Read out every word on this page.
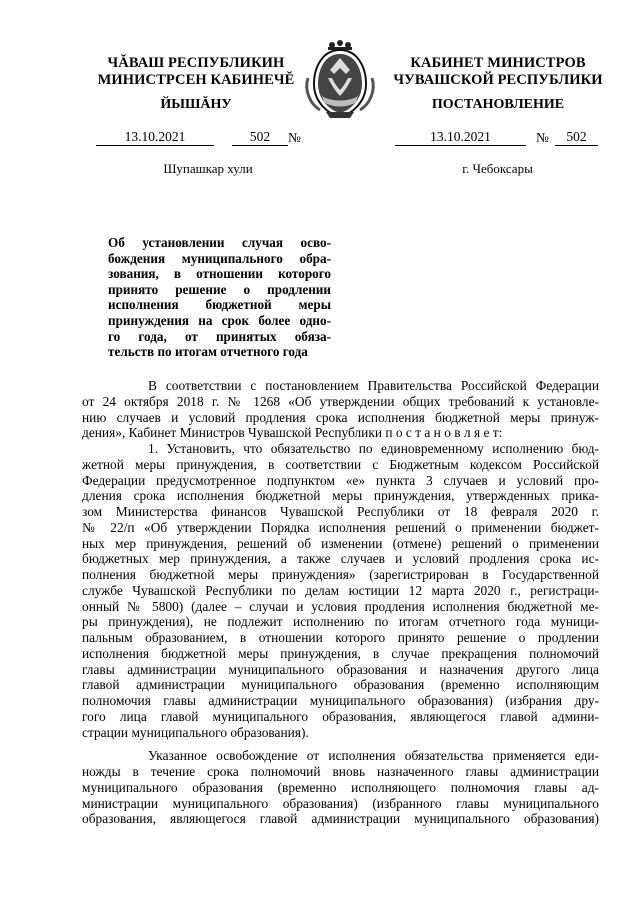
ЧĂВАШ РЕСПУБЛИКИН
МИНИСТРСЕН КАБИНЕЧĔ
КАБИНЕТ МИНИСТРОВ
ЧУВАШСКОЙ РЕСПУБЛИКИ
ЙЫШĂНУ	ПОСТАНОВЛЕНИЕ
13.10.2021	502	№	13.10.2021	№	502
Шупашкар хули	г. Чебоксары
Об установлении случая осво-
бождения муниципального обра-
зования, в отношении которого
принято решение о продлении
исполнения бюджетной меры
принуждения на срок более одно-
го года, от принятых обяза-
тельств по итогам отчетного года
В соответствии с постановлением Правительства Российской Федерации
от 24 октября 2018 г. № 1268 «Об утверждении общих требований к установле-
нию случаев и условий продления срока исполнения бюджетной меры принуж-
дения», Кабинет Министров Чувашской Республики п о с т а н о в л я е т:
1. Установить, что обязательство по единовременному исполнению бюд-
жетной меры принуждения, в соответствии с Бюджетным кодексом Российской
Федерации предусмотренное подпунктом «е» пункта 3 случаев и условий про-
дления срока исполнения бюджетной меры принуждения, утвержденных прика-
зом Министерства финансов Чувашской Республики от 18 февраля 2020 г.
№ 22/п «Об утверждении Порядка исполнения решений о применении бюджет-
ных мер принуждения, решений об изменении (отмене) решений о применении
бюджетных мер принуждения, а также случаев и условий продления срока ис-
полнения бюджетной меры принуждения» (зарегистрирован в Государственной
службе Чувашской Республики по делам юстиции 12 марта 2020 г., регистраци-
онный № 5800) (далее – случаи и условия продления исполнения бюджетной ме-
ры принуждения), не подлежит исполнению по итогам отчетного года муници-
пальным образованием, в отношении которого принято решение о продлении
исполнения бюджетной меры принуждения, в случае прекращения полномочий
главы администрации муниципального образования и назначения другого лица
главой администрации муниципального образования (временно исполняющим
полномочия главы администрации муниципального образования) (избрания дру-
гого лица главой муниципального образования, являющегося главой админи-
страции муниципального образования).
Указанное освобождение от исполнения обязательства применяется еди-
ножды в течение срока полномочий вновь назначенного главы администрации
муниципального образования (временно исполняющего полномочия главы ад-
министрации муниципального образования) (избранного главы муниципального
образования, являющегося главой администрации муниципального образования)
